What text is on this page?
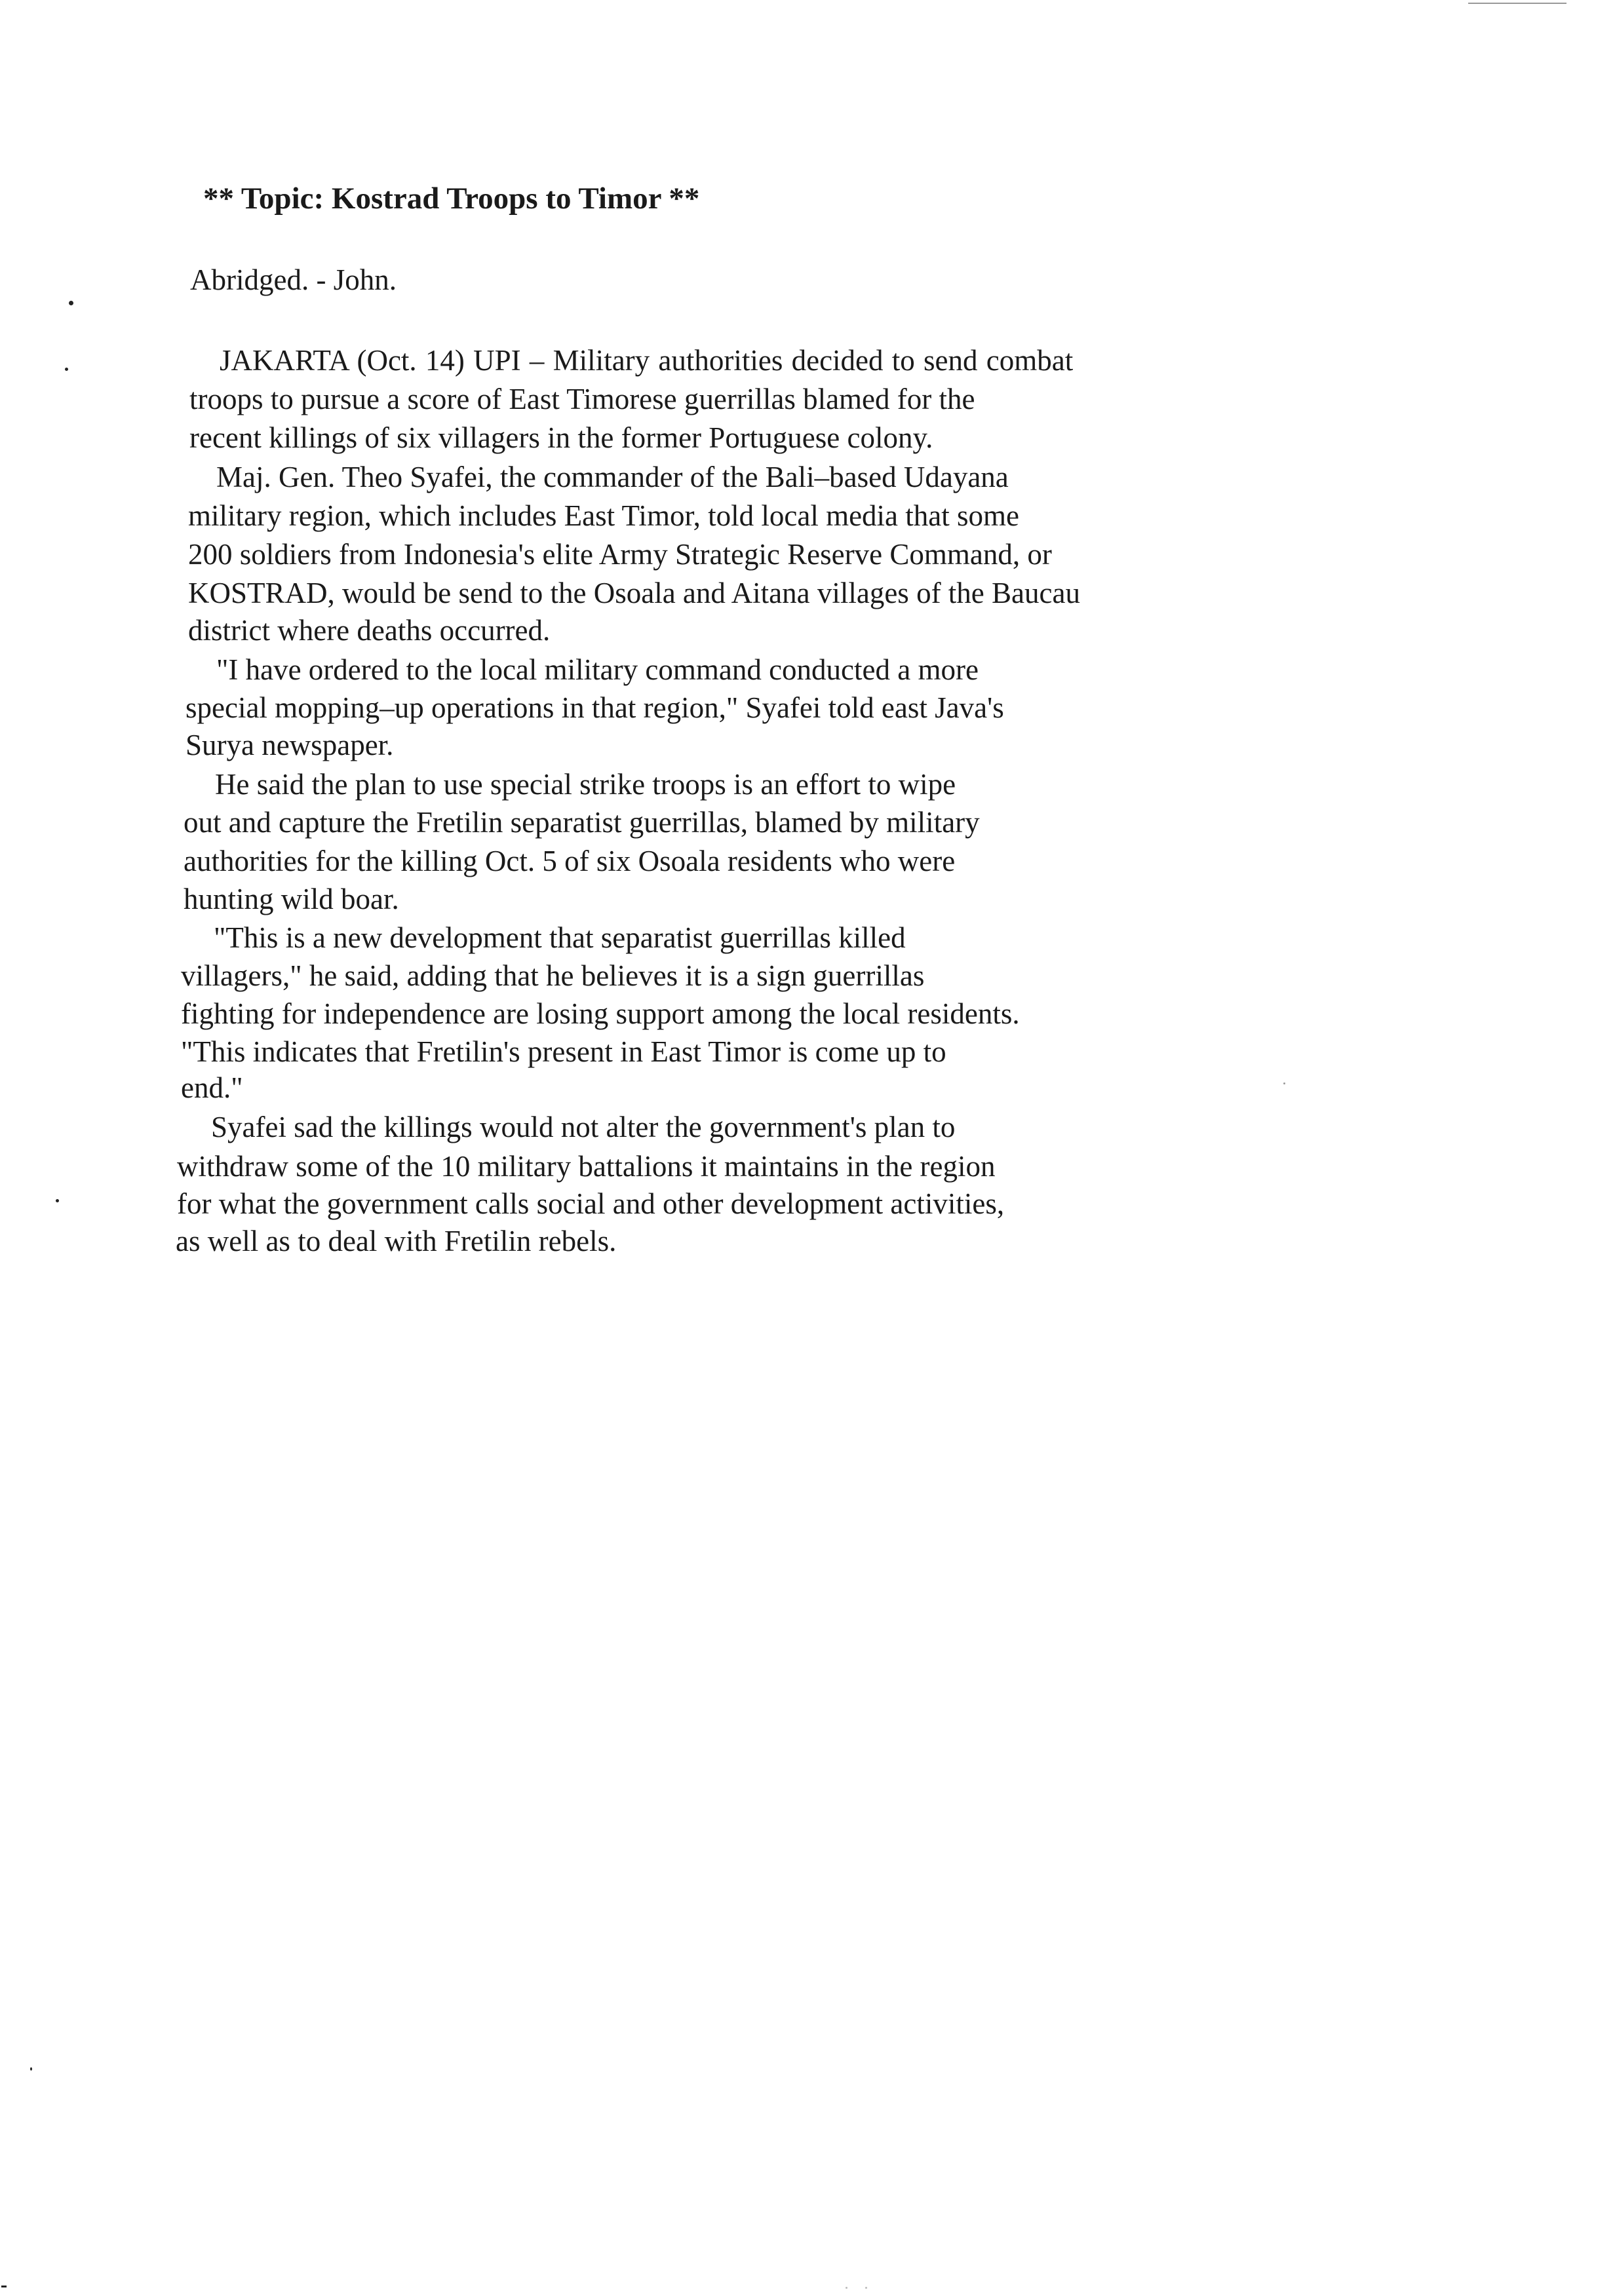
** Topic: Kostrad Troops to Timor **
Abridged. - John.
JAKARTA (Oct. 14) UPI – Military authorities decided to send combat
troops to pursue a score of East Timorese guerrillas blamed for the
recent killings of six villagers in the former Portuguese colony.
Maj. Gen. Theo Syafei, the commander of the Bali–based Udayana
military region, which includes East Timor, told local media that some
200 soldiers from Indonesia's elite Army Strategic Reserve Command, or
KOSTRAD, would be send to the Osoala and Aitana villages of the Baucau
district where deaths occurred.
"I have ordered to the local military command conducted a more
special mopping–up operations in that region," Syafei told east Java's
Surya newspaper.
He said the plan to use special strike troops is an effort to wipe
out and capture the Fretilin separatist guerrillas, blamed by military
authorities for the killing Oct. 5 of six Osoala residents who were
hunting wild boar.
"This is a new development that separatist guerrillas killed
villagers," he said, adding that he believes it is a sign guerrillas
fighting for independence are losing support among the local residents.
"This indicates that Fretilin's present in East Timor is come up to
end."
Syafei sad the killings would not alter the government's plan to
withdraw some of the 10 military battalions it maintains in the region
for what the government calls social and other development activities,
as well as to deal with Fretilin rebels.
